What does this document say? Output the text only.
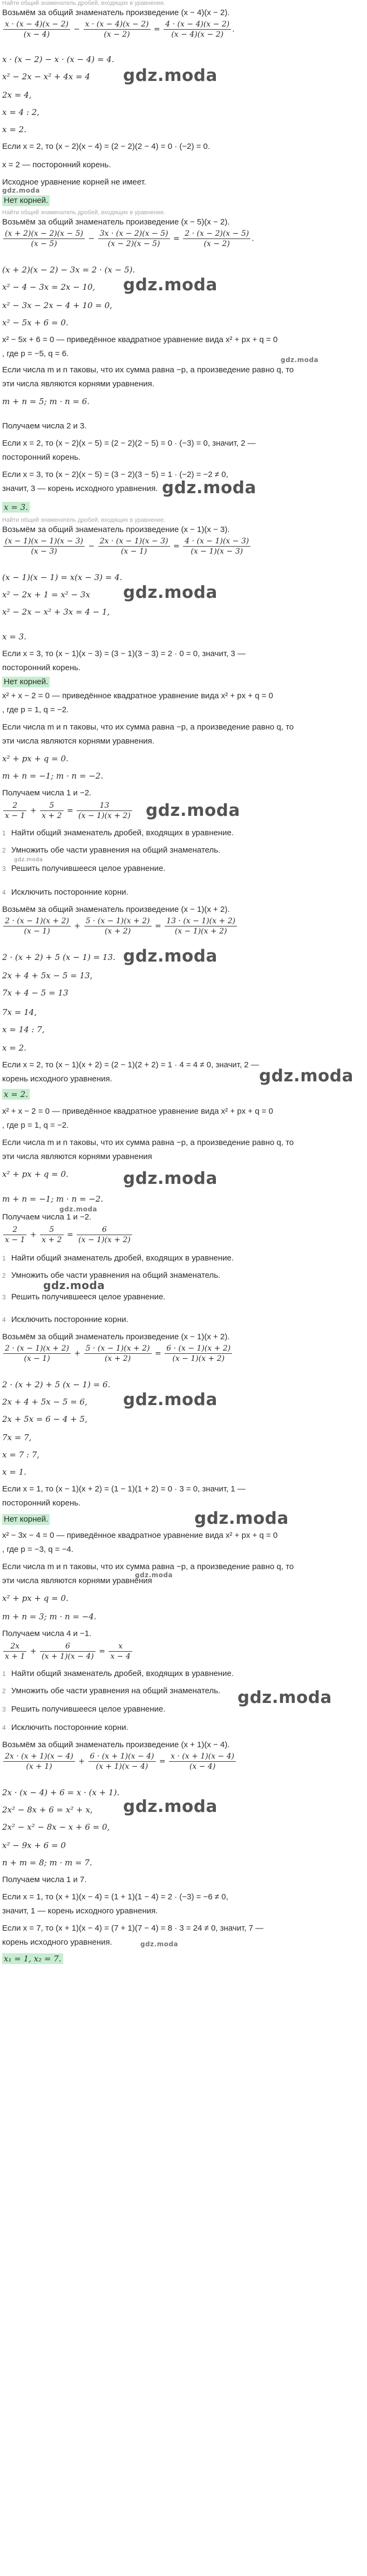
Найти общий знаменатель дробей, входящих в уравнение.
Возьмём за общий знаменатель произведение (x − 4)(x − 2).
$\frac{x \cdot (x - 4)(x - 2)}{(x - 4)} - \frac{x \cdot (x - 4)(x - 2)}{(x - 2)} = \frac{4 \cdot (x - 4)(x - 2)}{(x - 4)(x - 2)}$ .
x · (x − 2) − x · (x − 4) = 4.
x² − 2x − x² + 4x = 4 gdz.moda
2x = 4,
x = 4 : 2,
x = 2.
Если x = 2, то (x − 2)(x − 4) = (2 − 2)(2 − 4) = 0 · (−2) = 0.
x = 2 — посторонний корень.
Исходное уравнение корней не имеет.
gdz.moda
Нет корней.
Найти общий знаменатель дробей, входящих в уравнение.
Возьмём за общий знаменатель произведение (x − 5)(x − 2).
$\frac{(x + 2)(x - 2)(x - 5)}{(x - 5)} - \frac{3x \cdot (x - 2)(x - 5)}{(x - 2)(x - 5)} = \frac{2 \cdot (x - 2)(x - 5)}{(x - 2)}$ .
(x + 2)(x − 2) − 3x = 2 · (x − 5).
x² − 4 − 3x = 2x − 10, gdz.moda
x² − 3x − 2x − 4 + 10 = 0,
x² − 5x + 6 = 0.
x² − 5x + 6 = 0 — приведённое квадратное уравнение вида x² + px + q = 0
, где p = −5, q = 6.
gdz.moda
Если числа m и n таковы, что их сумма равна −p, а произведение равно q, то
эти числа являются корнями уравнения.
m + n = 5; m · n = 6.
Получаем числа 2 и 3.
Если x = 2, то (x − 2)(x − 5) = (2 − 2)(2 − 5) = 0 · (−3) = 0, значит, 2 —
посторонний корень.
Если x = 3, то (x − 2)(x − 5) = (3 − 2)(3 − 5) = 1 · (−2) = −2 ≠ 0,
значит, 3 — корень исходного уравнения. gdz.moda
x = 3.
Найти общий знаменатель дробей, входящих в уравнение.
Возьмём за общий знаменатель произведение (x − 1)(x − 3).
$\frac{(x - 1)(x - 1)(x - 3)}{(x - 3)} - \frac{2x \cdot (x - 1)(x - 3)}{(x - 1)} = \frac{4 \cdot (x - 1)(x - 3)}{(x - 1)(x - 3)}$
(x − 1)(x − 1) = x(x − 3) = 4.
x² − 2x + 1 = x² − 3x gdz.moda
x² − 2x − x² + 3x = 4 − 1,
x = 3.
Если x = 3, то (x − 1)(x − 3) = (3 − 1)(3 − 3) = 2 · 0 = 0, значит, 3 —
посторонний корень.
Нет корней.
x² + x − 2 = 0 — приведённое квадратное уравнение вида x² + px + q = 0
, где p = 1, q = −2.
Если числа m и n таковы, что их сумма равна −p, а произведение равно q, то
эти числа являются корнями уравнения.
x² + px + q = 0.
m + n = −1; m · n = −2.
Получаем числа 1 и −2.
$\frac{2}{x - 1} + \frac{5}{x + 2} = \frac{13}{(x - 1)(x + 2)}$ gdz.moda
1 Найти общий знаменатель дробей, входящих в уравнение.
2 Умножить обе части уравнения на общий знаменатель.
gdz.moda
3 Решить получившееся целое уравнение.
4 Исключить посторонние корни.
Возьмём за общий знаменатель произведение (x − 1)(x + 2).
$\frac{2 \cdot (x - 1)(x + 2)}{(x - 1)} + \frac{5 \cdot (x - 1)(x + 2)}{(x + 2)} = \frac{13 \cdot (x - 1)(x + 2)}{(x - 1)(x + 2)}$
2 · (x + 2) + 5 (x − 1) = 13. gdz.moda
2x + 4 + 5x − 5 = 13,
7x + 4 − 5 = 13
7x = 14,
x = 14 : 7,
x = 2.
Если x = 2, то (x − 1)(x + 2) = (2 − 1)(2 + 2) = 1 · 4 = 4 ≠ 0, значит, 2 —
корень исходного уравнения.	gdz.moda
x = 2.
x² + x − 2 = 0 — приведённое квадратное уравнение вида x² + px + q = 0
, где p = 1, q = −2.
Если числа m и n таковы, что их сумма равна −p, а произведение равно q, то
эти числа являются корнями уравнения
x² + px + q = 0.	gdz.moda
m + n = −1; m · n = −2.
gdz.moda
Получаем числа 1 и −2.
$\frac{2}{x - 1} + \frac{5}{x + 2} = \frac{6}{(x - 1)(x + 2)}$
1 Найти общий знаменатель дробей, входящих в уравнение.
2 Умножить обе части уравнения на общий знаменатель.
gdz.moda
3 Решить получившееся целое уравнение.
4 Исключить посторонние корни.
Возьмём за общий знаменатель произведение (x − 1)(x + 2).
$\frac{2 \cdot (x - 1)(x + 2)}{(x - 1)} + \frac{5 \cdot (x - 1)(x + 2)}{(x + 2)} = \frac{6 \cdot (x - 1)(x + 2)}{(x - 1)(x + 2)}$
2 · (x + 2) + 5 (x − 1) = 6.
2x + 4 + 5x − 5 = 6, gdz.moda
2x + 5x = 6 − 4 + 5,
7x = 7,
x = 7 : 7,
x = 1.
Если x = 1, то (x − 1)(x + 2) = (1 − 1)(1 + 2) = 0 · 3 = 0, значит, 1 —
посторонний корень.
gdz.moda
Нет корней.
x² − 3x − 4 = 0 — приведённое квадратное уравнение вида x² + px + q = 0
, где p = −3, q = −4.
Если числа m и n таковы, что их сумма равна −p, а произведение равно q, то
gdz.moda
эти числа являются корнями уравнения
x² + px + q = 0.
m + n = 3; m · n = −4.
Получаем числа 4 и −1.
$\frac{2x}{x + 1} + \frac{6}{(x + 1)(x - 4)} = \frac{x}{x - 4}$
1 Найти общий знаменатель дробей, входящих в уравнение.
2 Умножить обе части уравнения на общий знаменатель. gdz.moda
3 Решить получившееся целое уравнение.
4 Исключить посторонние корни.
Возьмём за общий знаменатель произведение (x + 1)(x − 4).
$\frac{2x \cdot (x + 1)(x - 4)}{(x + 1)} + \frac{6 \cdot (x + 1)(x - 4)}{(x + 1)(x - 4)} = \frac{x \cdot (x + 1)(x - 4)}{(x - 4)}$
2x · (x − 4) + 6 = x · (x + 1).
2x² − 8x + 6 = x² + x, gdz.moda
2x² − x² − 8x − x + 6 = 0,
x² − 9x + 6 = 0
n + m = 8; m · m = 7.
Получаем числа 1 и 7.
Если x = 1, то (x + 1)(x − 4) = (1 + 1)(1 − 4) = 2 · (−3) = −6 ≠ 0,
значит, 1 — корень исходного уравнения.
Если x = 7, то (x + 1)(x − 4) = (7 + 1)(7 − 4) = 8 · 3 = 24 ≠ 0, значит, 7 —
корень исходного уравнения.	gdz.moda
x₁ = 1, x₂ = 7.
